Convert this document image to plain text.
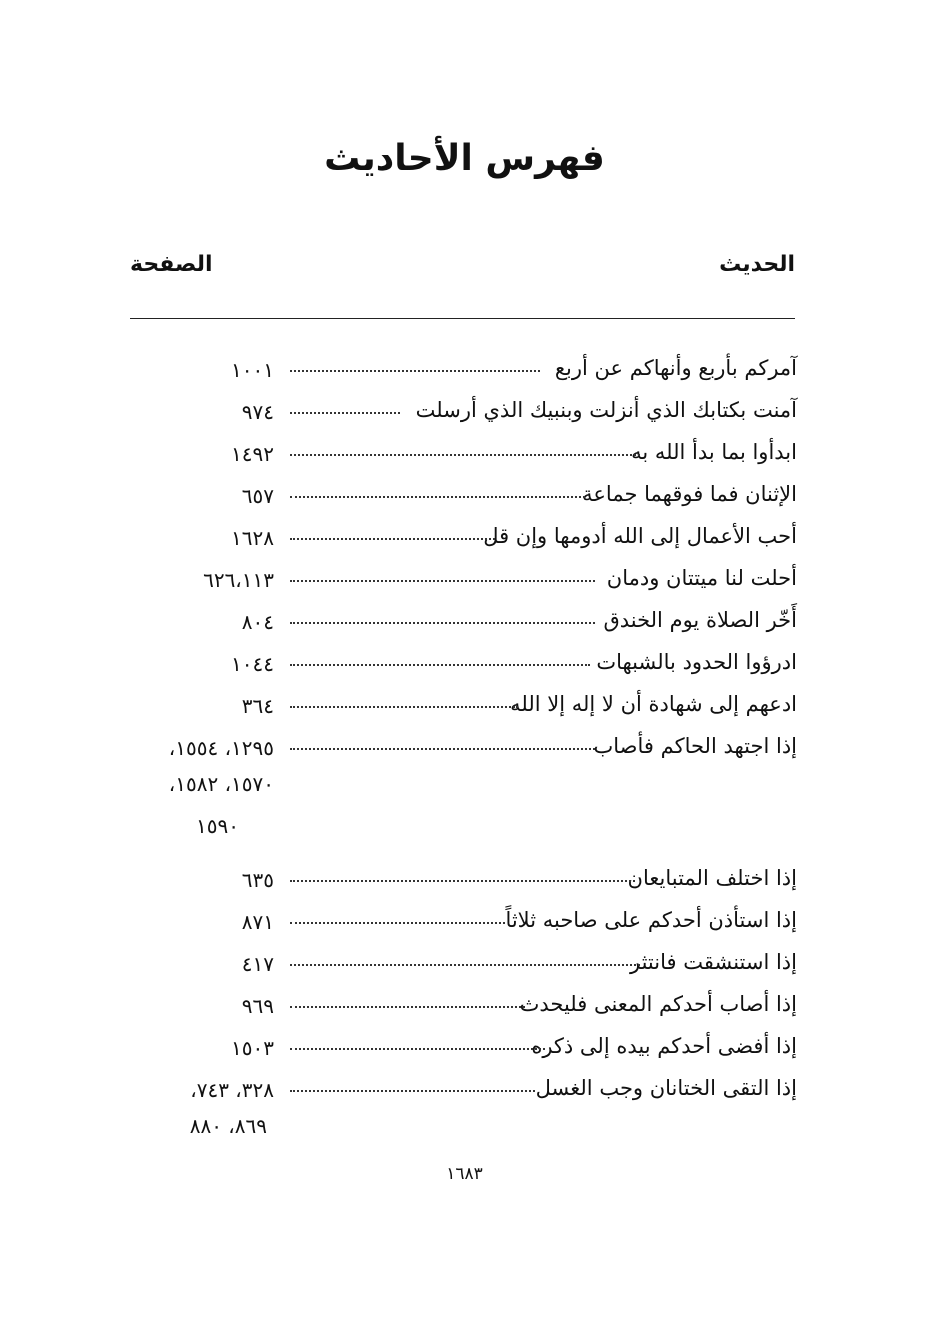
فهرس الأحاديث
الحديث
الصفحة
آمركم بأربع وأنهاكم عن أربع
١٠٠١
آمنت بكتابك الذي أنزلت وبنبيك الذي أرسلت
٩٧٤
ابدأوا بما بدأ الله به
١٤٩٢
الإثنان فما فوقهما جماعة
٦٥٧
أحب الأعمال إلى الله أدومها وإن قل
١٦٢٨
أحلت لنا ميتتان ودمان
٦٢٦،١١٣
أَخّر الصلاة يوم الخندق
٨٠٤
ادرؤوا الحدود بالشبهات
١٠٤٤
ادعهم إلى شهادة أن لا إله إلا الله
٣٦٤
إذا اجتهد الحاكم فأصاب
١٢٩٥، ١٥٥٤،
١٥٧٠، ١٥٨٢،
١٥٩٠
إذا اختلف المتبايعان
٦٣٥
إذا استأذن أحدكم على صاحبه ثلاثاً
٨٧١
إذا استنشقت فانتثر
٤١٧
إذا أصاب أحدكم المعنى فليحدث
٩٦٩
إذا أفضى أحدكم بيده إلى ذكره
١٥٠٣
إذا التقى الختانان وجب الغسل
٣٢٨، ٧٤٣،
٨٦٩، ٨٨٠
١٦٨٣
